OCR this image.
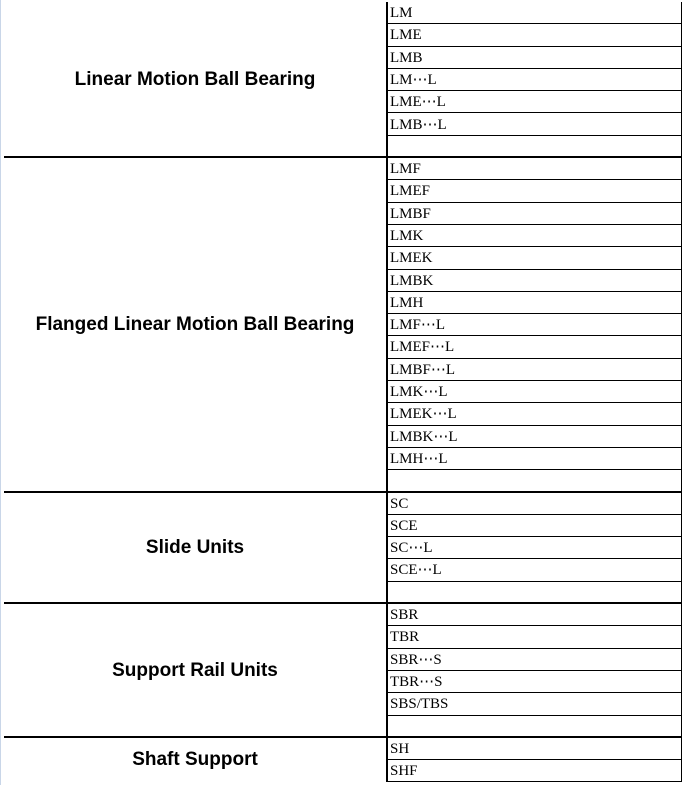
Linear Motion Ball Bearing
LM
LME
LMB
LM⋯L
LME⋯L
LMB⋯L
Flanged Linear Motion Ball Bearing
LMF
LMEF
LMBF
LMK
LMEK
LMBK
LMH
LMF⋯L
LMEF⋯L
LMBF⋯L
LMK⋯L
LMEK⋯L
LMBK⋯L
LMH⋯L
Slide Units
SC
SCE
SC⋯L
SCE⋯L
Support Rail Units
SBR
TBR
SBR⋯S
TBR⋯S
SBS/TBS
Shaft Support
SH
SHF
